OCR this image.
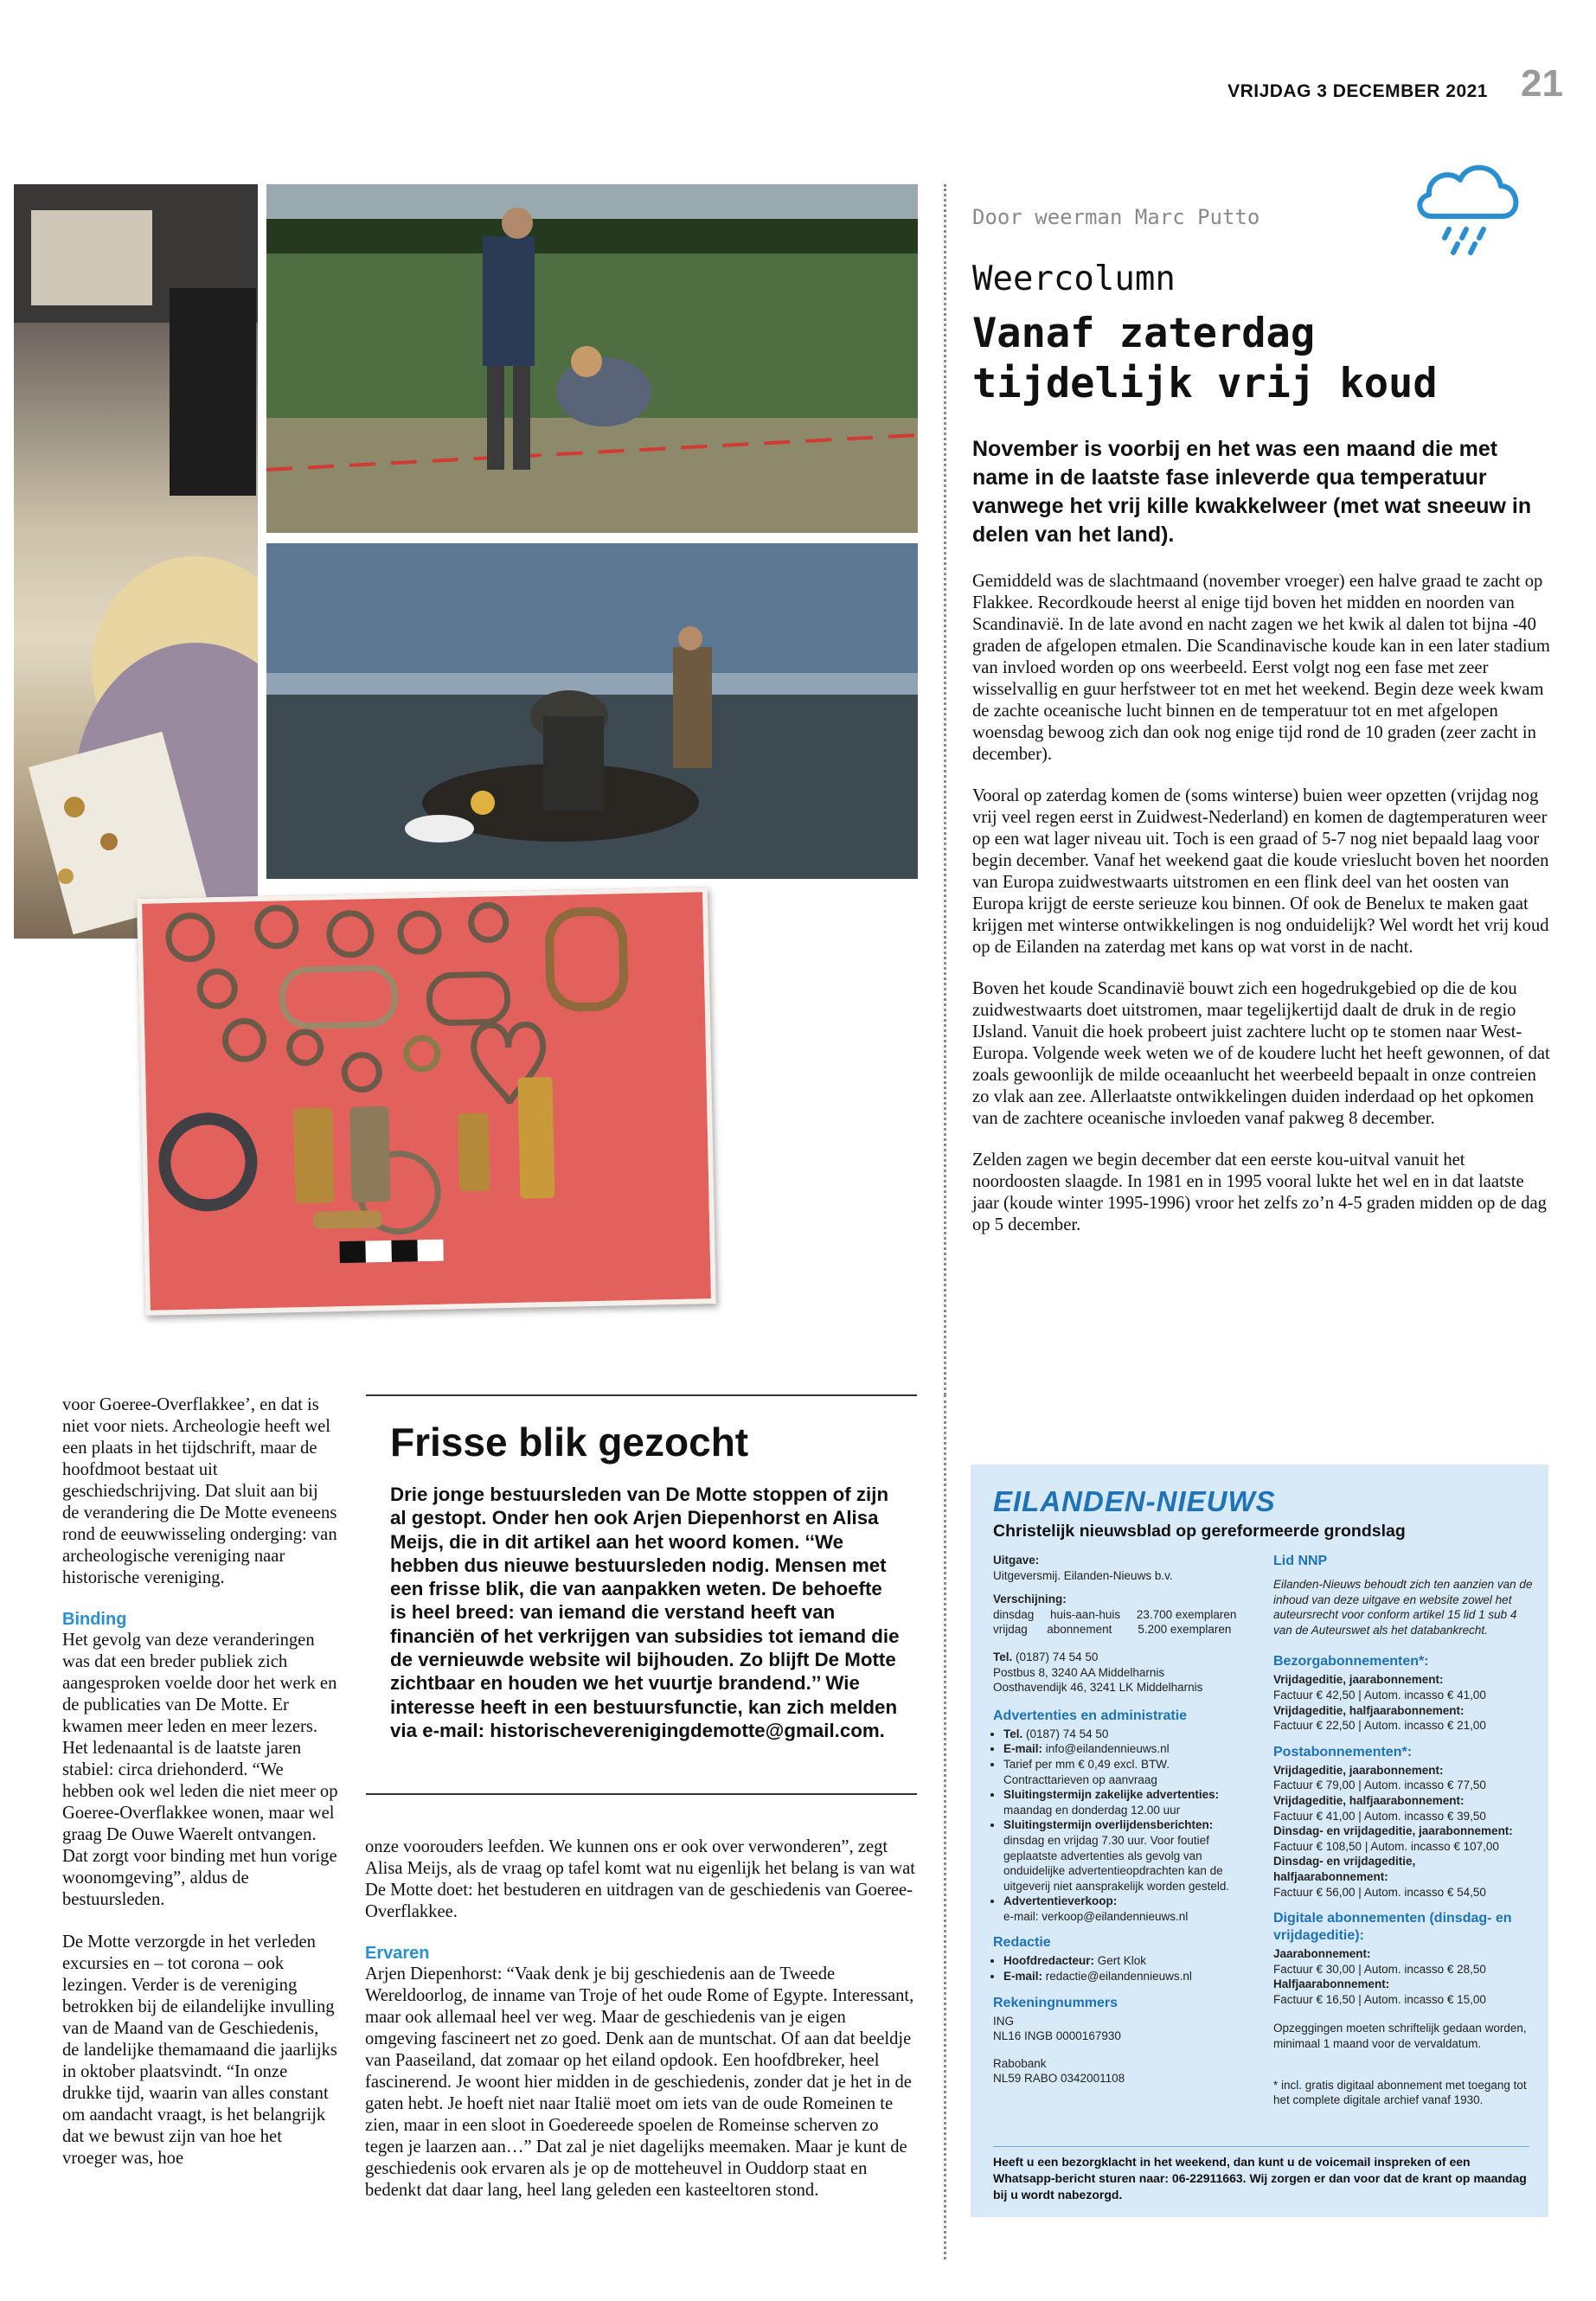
VRIJDAG 3 DECEMBER 2021 21
Door weerman Marc Putto
Weercolumn
Vanaf zaterdag
tijdelijk vrij koud
November is voorbij en het was een maand die met name in de laatste fase inleverde qua temperatuur vanwege het vrij kille kwakkelweer (met wat sneeuw in delen van het land).

Gemiddeld was de slachtmaand (november vroeger) een halve graad te zacht op Flakkee. Recordkoude heerst al enige tijd boven het midden en noorden van Scandinavië. In de late avond en nacht zagen we het kwik al dalen tot bijna -40 graden de afgelopen etmalen. Die Scandinavische koude kan in een later stadium van invloed worden op ons weerbeeld. Eerst volgt nog een fase met zeer wisselvallig en guur herfstweer tot en met het weekend. Begin deze week kwam de zachte oceanische lucht binnen en de temperatuur tot en met afgelopen woensdag bewoog zich dan ook nog enige tijd rond de 10 graden (zeer zacht in december).

Vooral op zaterdag komen de (soms winterse) buien weer opzetten (vrijdag nog vrij veel regen eerst in Zuidwest-Nederland) en komen de dagtemperaturen weer op een wat lager niveau uit. Toch is een graad of 5-7 nog niet bepaald laag voor begin december. Vanaf het weekend gaat die koude vrieslucht boven het noorden van Europa zuidwestwaarts uitstromen en een flink deel van het oosten van Europa krijgt de eerste serieuze kou binnen. Of ook de Benelux te maken gaat krijgen met winterse ontwikkelingen is nog onduidelijk? Wel wordt het vrij koud op de Eilanden na zaterdag met kans op wat vorst in de nacht.

Boven het koude Scandinavië bouwt zich een hogedrukgebied op die de kou zuidwestwaarts doet uitstromen, maar tegelijkertijd daalt de druk in de regio IJsland. Vanuit die hoek probeert juist zachtere lucht op te stomen naar West-Europa. Volgende week weten we of de koudere lucht het heeft gewonnen, of dat zoals gewoonlijk de milde oceaanlucht het weerbeeld bepaalt in onze contreien zo vlak aan zee. Allerlaatste ontwikkelingen duiden inderdaad op het opkomen van de zachtere oceanische invloeden vanaf pakweg 8 december.

Zelden zagen we begin december dat een eerste kou-uitval vanuit het noordoosten slaagde. In 1981 en in 1995 vooral lukte het wel en in dat laatste jaar (koude winter 1995-1996) vroor het zelfs zo’n 4-5 graden midden op de dag op 5 december.

voor Goeree-Overflakkee’, en dat is niet voor niets. Archeologie heeft wel een plaats in het tijdschrift, maar de hoofdmoot bestaat uit geschiedschrijving. Dat sluit aan bij de verandering die De Motte eveneens rond de eeuwwisseling onderging: van archeologische vereniging naar historische vereniging.

Binding

Het gevolg van deze veranderingen was dat een breder publiek zich aangesproken voelde door het werk en de publicaties van De Motte. Er kwamen meer leden en meer lezers. Het ledenaantal is de laatste jaren stabiel: circa driehonderd. “We hebben ook wel leden die niet meer op Goeree-Overflakkee wonen, maar wel graag De Ouwe Waerelt ontvangen. Dat zorgt voor binding met hun vorige woonomgeving”, aldus de bestuursleden.

De Motte verzorgde in het verleden excursies en – tot corona – ook lezingen. Verder is de vereniging betrokken bij de eilandelijke invulling van de Maand van de Geschiedenis, de landelijke themamaand die jaarlijks in oktober plaatsvindt. “In onze drukke tijd, waarin van alles constant om aandacht vraagt, is het belangrijk dat we bewust zijn van hoe het vroeger was, hoe

Frisse blik gezocht
Drie jonge bestuursleden van De Motte stoppen of zijn al gestopt. Onder hen ook Arjen Diepenhorst en Alisa Meijs, die in dit artikel aan het woord komen. ‘‘We hebben dus nieuwe bestuursleden nodig. Mensen met een frisse blik, die van aanpakken weten. De behoefte is heel breed: van iemand die verstand heeft van financiën of het verkrijgen van subsidies tot iemand die de vernieuwde website wil bijhouden. Zo blijft De Motte zichtbaar en houden we het vuurtje brandend.’’ Wie interesse heeft in een bestuursfunctie, kan zich melden via e-mail: historischeverenigingdemotte@gmail.com.

onze voorouders leefden. We kunnen ons er ook over verwonderen”, zegt Alisa Meijs, als de vraag op tafel komt wat nu eigenlijk het belang is van wat De Motte doet: het bestuderen en uitdragen van de geschiedenis van Goeree-Overflakkee.

Ervaren

Arjen Diepenhorst: “Vaak denk je bij geschiedenis aan de Tweede Wereldoorlog, de inname van Troje of het oude Rome of Egypte. Interessant, maar ook allemaal heel ver weg. Maar de geschiedenis van je eigen omgeving fascineert net zo goed. Denk aan de muntschat. Of aan dat beeldje van Paaseiland, dat zomaar op het eiland opdook. Een hoofdbreker, heel fascinerend. Je woont hier midden in de geschiedenis, zonder dat je het in de gaten hebt. Je hoeft niet naar Italië moet om iets van de oude Romeinen te zien, maar in een sloot in Goedereede spoelen de Romeinse scherven zo tegen je laarzen aan…” Dat zal je niet dagelijks meemaken. Maar je kunt de geschiedenis ook ervaren als je op de motteheuvel in Ouddorp staat en bedenkt dat daar lang, heel lang geleden een kasteeltoren stond.

EILANDEN-NIEUWS
Christelijk nieuwsblad op gereformeerde grondslag
Uitgave:
Uitgeversmij. Eilanden-Nieuws b.v.
Verschijning:
dinsdag     huis-aan-huis     23.700 exemplaren
vrijdag      abonnement        5.200 exemplaren
Tel. (0187) 74 54 50
Postbus 8, 3240 AA Middelharnis
Oosthavendijk 46, 3241 LK Middelharnis
Advertenties en administratie
• Tel. (0187) 74 54 50
• E-mail: info@eilandennieuws.nl
• Tarief per mm € 0,49 excl. BTW.
Contracttarieven op aanvraag
• Sluitingstermijn zakelijke advertenties:
maandag en donderdag 12.00 uur
• Sluitingstermijn overlijdensberichten:
dinsdag en vrijdag 7.30 uur. Voor foutief geplaatste advertenties als gevolg van onduidelijke advertentieopdrachten kan de uitgeverij niet aansprakelijk worden gesteld.
• Advertentieverkoop:
e-mail: verkoop@eilandennieuws.nl
Redactie
• Hoofdredacteur: Gert Klok
• E-mail: redactie@eilandennieuws.nl
Rekeningnummers
ING
NL16 INGB 0000167930
Rabobank
NL59 RABO 0342001108
Lid NNP
Eilanden-Nieuws behoudt zich ten aanzien van de inhoud van deze uitgave en website zowel het auteursrecht voor conform artikel 15 lid 1 sub 4 van de Auteurswet als het databankrecht.
Bezorgabonnementen*:
Vrijdageditie, jaarabonnement:
Factuur € 42,50 | Autom. incasso € 41,00
Vrijdageditie, halfjaarabonnement:
Factuur € 22,50 | Autom. incasso € 21,00
Postabonnementen*:
Vrijdageditie, jaarabonnement:
Factuur € 79,00 | Autom. incasso € 77,50
Vrijdageditie, halfjaarabonnement:
Factuur € 41,00 | Autom. incasso € 39,50
Dinsdag- en vrijdageditie, jaarabonnement:
Factuur € 108,50 | Autom. incasso € 107,00
Dinsdag- en vrijdageditie, halfjaarabonnement:
Factuur € 56,00 | Autom. incasso € 54,50
Digitale abonnementen (dinsdag- en vrijdageditie):
Jaarabonnement:
Factuur € 30,00 | Autom. incasso € 28,50
Halfjaarabonnement:
Factuur € 16,50 | Autom. incasso € 15,00
Opzeggingen moeten schriftelijk gedaan worden, minimaal 1 maand voor de vervaldatum.
* incl. gratis digitaal abonnement met toegang tot het complete digitale archief vanaf 1930.
Heeft u een bezorgklacht in het weekend, dan kunt u de voicemail inspreken of een Whatsapp-bericht sturen naar: 06-22911663. Wij zorgen er dan voor dat de krant op maandag bij u wordt nabezorgd.
